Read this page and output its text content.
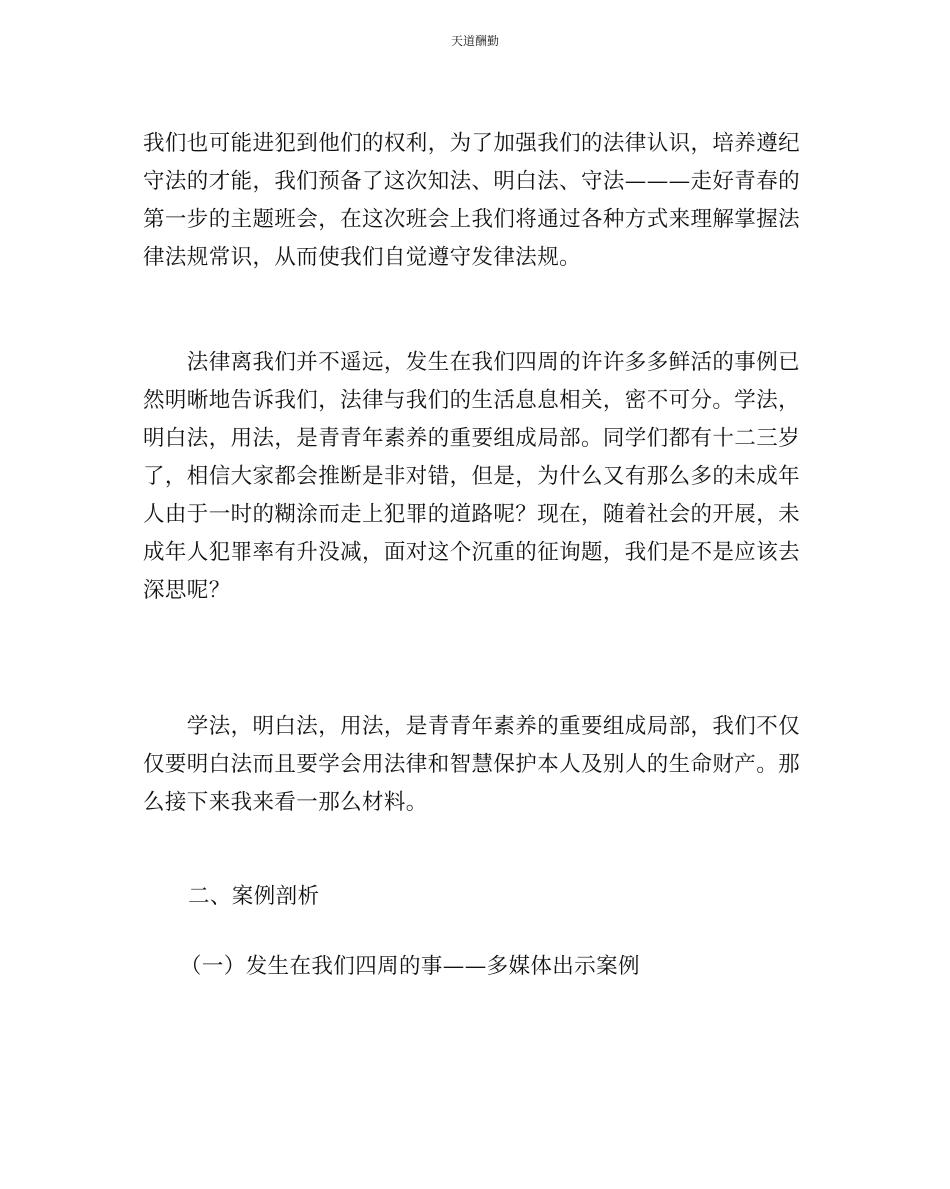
天道酬勤
我们也可能进犯到他们的权利，为了加强我们的法律认识，培养遵纪
守法的才能，我们预备了这次知法、明白法、守法———走好青春的
第一步的主题班会，在这次班会上我们将通过各种方式来理解掌握法
律法规常识，从而使我们自觉遵守发律法规。
　　法律离我们并不遥远，发生在我们四周的许许多多鲜活的事例已
然明晰地告诉我们，法律与我们的生活息息相关，密不可分。学法，
明白法，用法，是青青年素养的重要组成局部。同学们都有十二三岁
了，相信大家都会推断是非对错，但是，为什么又有那么多的未成年
人由于一时的糊涂而走上犯罪的道路呢？现在，随着社会的开展，未
成年人犯罪率有升没减，面对这个沉重的征询题，我们是不是应该去
深思呢？
　　学法，明白法，用法，是青青年素养的重要组成局部，我们不仅
仅要明白法而且要学会用法律和智慧保护本人及别人的生命财产。那
么接下来我来看一那么材料。
二、案例剖析
（一）发生在我们四周的事——多媒体出示案例
